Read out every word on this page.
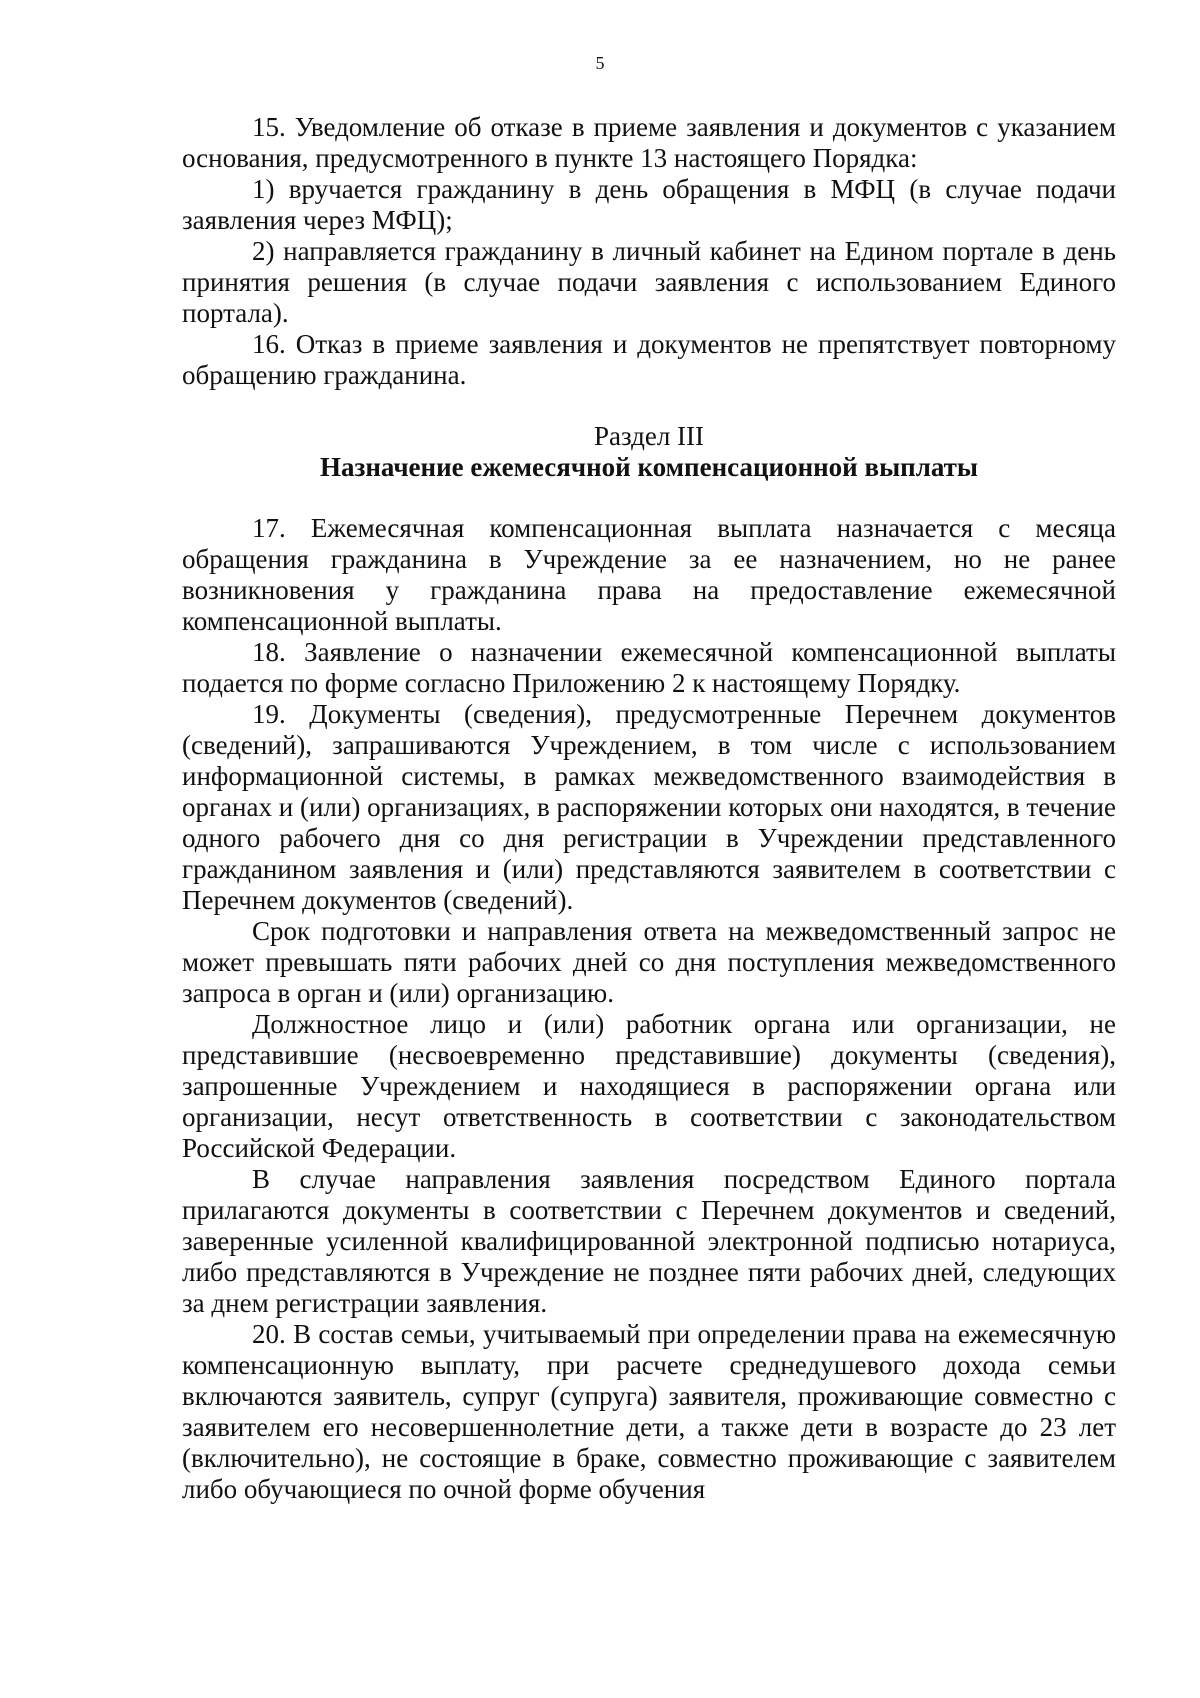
5

15. Уведомление об отказе в приеме заявления и документов с указанием основания, предусмотренного в пункте 13 настоящего Порядка:

1) вручается гражданину в день обращения в МФЦ (в случае подачи заявления через МФЦ);

2) направляется гражданину в личный кабинет на Едином портале в день принятия решения (в случае подачи заявления с использованием Единого портала).

16. Отказ в приеме заявления и документов не препятствует повторному обращению гражданина.

Раздел III
Назначение ежемесячной компенсационной выплаты

17. Ежемесячная компенсационная выплата назначается с месяца обращения гражданина в Учреждение за ее назначением, но не ранее возникновения у гражданина права на предоставление ежемесячной компенсационной выплаты.

18. Заявление о назначении ежемесячной компенсационной выплаты подается по форме согласно Приложению 2 к настоящему Порядку.

19. Документы (сведения), предусмотренные Перечнем документов (сведений), запрашиваются Учреждением, в том числе с использованием информационной системы, в рамках межведомственного взаимодействия в органах и (или) организациях, в распоряжении которых они находятся, в течение одного рабочего дня со дня регистрации в Учреждении представленного гражданином заявления и (или) представляются заявителем в соответствии с Перечнем документов (сведений).

Срок подготовки и направления ответа на межведомственный запрос не может превышать пяти рабочих дней со дня поступления межведомственного запроса в орган и (или) организацию.

Должностное лицо и (или) работник органа или организации, не представившие (несвоевременно представившие) документы (сведения), запрошенные Учреждением и находящиеся в распоряжении органа или организации, несут ответственность в соответствии с законодательством Российской Федерации.

В случае направления заявления посредством Единого портала прилагаются документы в соответствии с Перечнем документов и сведений, заверенные усиленной квалифицированной электронной подписью нотариуса, либо представляются в Учреждение не позднее пяти рабочих дней, следующих за днем регистрации заявления.

20. В состав семьи, учитываемый при определении права на ежемесячную компенсационную выплату, при расчете среднедушевого дохода семьи включаются заявитель, супруг (супруга) заявителя, проживающие совместно с заявителем его несовершеннолетние дети, а также дети в возрасте до 23 лет (включительно), не состоящие в браке, совместно проживающие с заявителем либо обучающиеся по очной форме обучения
